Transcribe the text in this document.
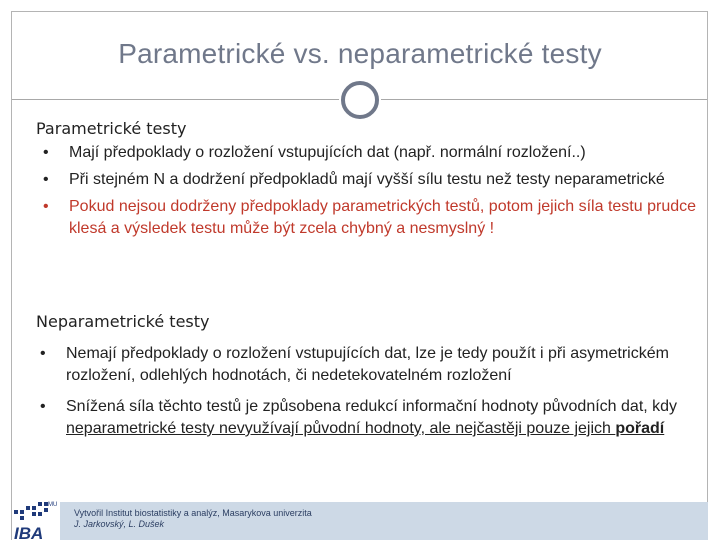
Parametrické vs. neparametrické testy
Parametrické testy
• Mají předpoklady o rozložení vstupujících dat (např. normální rozložení..)
• Při stejném N a dodržení předpokladů mají vyšší sílu testu než testy neparametrické
• Pokud nejsou dodrženy předpoklady parametrických testů, potom jejich síla testu prudce klesá a výsledek testu může být zcela chybný a nesmyslný !
Neparametrické testy
• Nemají předpoklady o rozložení vstupujících dat, lze je tedy použít i při asymetrickém rozložení, odlehlých hodnotách, či nedetekovatelném rozložení
• Snížená síla těchto testů je způsobena redukcí informační hodnoty původních dat, kdy neparametrické testy nevyužívají původní hodnoty, ale nejčastěji pouze jejich pořadí
MU
IBA
Vytvořil Institut biostatistiky a analýz, Masarykova univerzita
J. Jarkovský, L. Dušek
